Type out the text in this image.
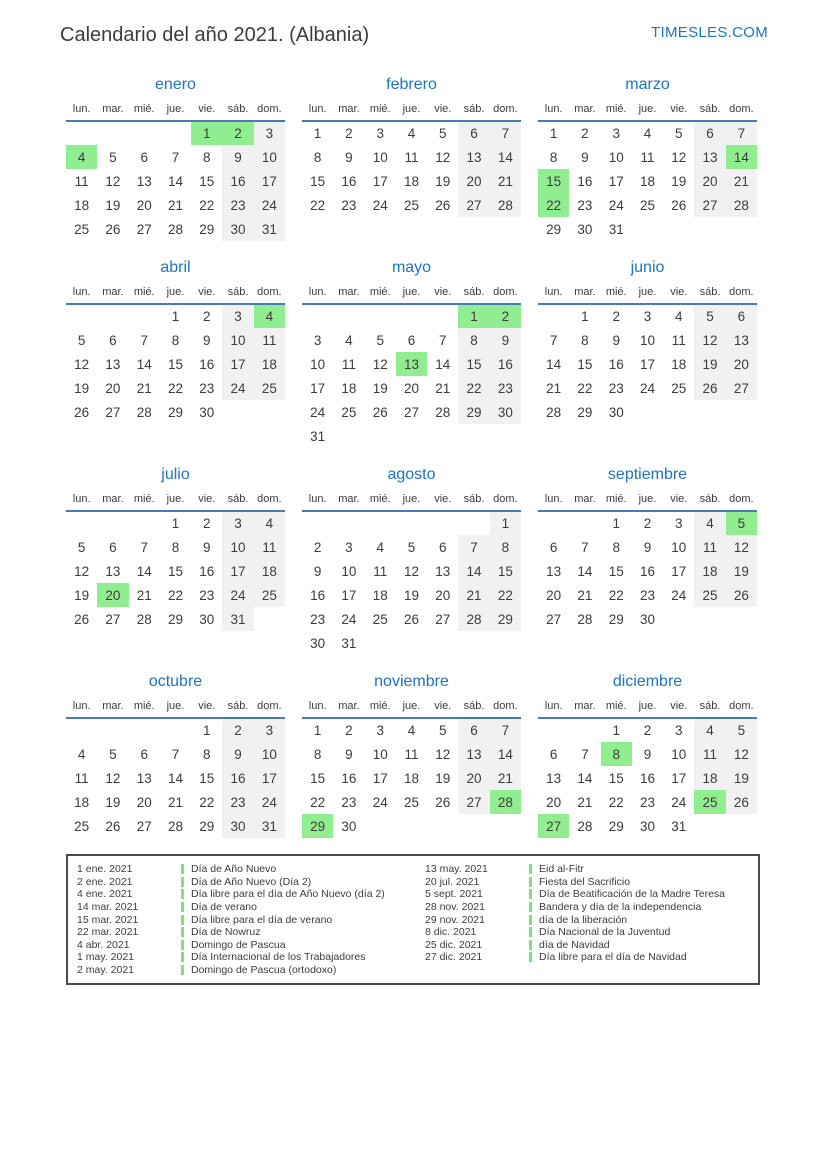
Calendario del año 2021. (Albania)	TIMESLES.COM
enero
lun.	mar.	mié.	jue.	vie.	sáb.	dom.
				1	2	3
4	5	6	7	8	9	10
11	12	13	14	15	16	17
18	19	20	21	22	23	24
25	26	27	28	29	30	31
febrero
lun.	mar.	mié.	jue.	vie.	sáb.	dom.
1	2	3	4	5	6	7
8	9	10	11	12	13	14
15	16	17	18	19	20	21
22	23	24	25	26	27	28
marzo
lun.	mar.	mié.	jue.	vie.	sáb.	dom.
1	2	3	4	5	6	7
8	9	10	11	12	13	14
15	16	17	18	19	20	21
22	23	24	25	26	27	28
29	30	31				
abril
lun.	mar.	mié.	jue.	vie.	sáb.	dom.
			1	2	3	4
5	6	7	8	9	10	11
12	13	14	15	16	17	18
19	20	21	22	23	24	25
26	27	28	29	30		
mayo
lun.	mar.	mié.	jue.	vie.	sáb.	dom.
					1	2
3	4	5	6	7	8	9
10	11	12	13	14	15	16
17	18	19	20	21	22	23
24	25	26	27	28	29	30
31						
junio
lun.	mar.	mié.	jue.	vie.	sáb.	dom.
	1	2	3	4	5	6
7	8	9	10	11	12	13
14	15	16	17	18	19	20
21	22	23	24	25	26	27
28	29	30				
julio
lun.	mar.	mié.	jue.	vie.	sáb.	dom.
			1	2	3	4
5	6	7	8	9	10	11
12	13	14	15	16	17	18
19	20	21	22	23	24	25
26	27	28	29	30	31	
agosto
lun.	mar.	mié.	jue.	vie.	sáb.	dom.
						1
2	3	4	5	6	7	8
9	10	11	12	13	14	15
16	17	18	19	20	21	22
23	24	25	26	27	28	29
30	31					
septiembre
lun.	mar.	mié.	jue.	vie.	sáb.	dom.
		1	2	3	4	5
6	7	8	9	10	11	12
13	14	15	16	17	18	19
20	21	22	23	24	25	26
27	28	29	30			
octubre
lun.	mar.	mié.	jue.	vie.	sáb.	dom.
				1	2	3
4	5	6	7	8	9	10
11	12	13	14	15	16	17
18	19	20	21	22	23	24
25	26	27	28	29	30	31
noviembre
lun.	mar.	mié.	jue.	vie.	sáb.	dom.
1	2	3	4	5	6	7
8	9	10	11	12	13	14
15	16	17	18	19	20	21
22	23	24	25	26	27	28
29	30					
diciembre
lun.	mar.	mié.	jue.	vie.	sáb.	dom.
		1	2	3	4	5
6	7	8	9	10	11	12
13	14	15	16	17	18	19
20	21	22	23	24	25	26
27	28	29	30	31		
1 ene. 2021	Día de Año Nuevo
2 ene. 2021	Día de Año Nuevo (Día 2)
4 ene. 2021	Día libre para el día de Año Nuevo (día 2)
14 mar. 2021	Día de verano
15 mar. 2021	Día libre para el día de verano
22 mar. 2021	Día de Nowruz
4 abr. 2021	Domingo de Pascua
1 may. 2021	Día Internacional de los Trabajadores
2 may. 2021	Domingo de Pascua (ortodoxo)
13 may. 2021	Eid al-Fitr
20 jul. 2021	Fiesta del Sacrificio
5 sept. 2021	Día de Beatificación de la Madre Teresa
28 nov. 2021	Bandera y día de la independencia
29 nov. 2021	día de la liberación
8 dic. 2021	Día Nacional de la Juventud
25 dic. 2021	día de Navidad
27 dic. 2021	Día libre para el día de Navidad
